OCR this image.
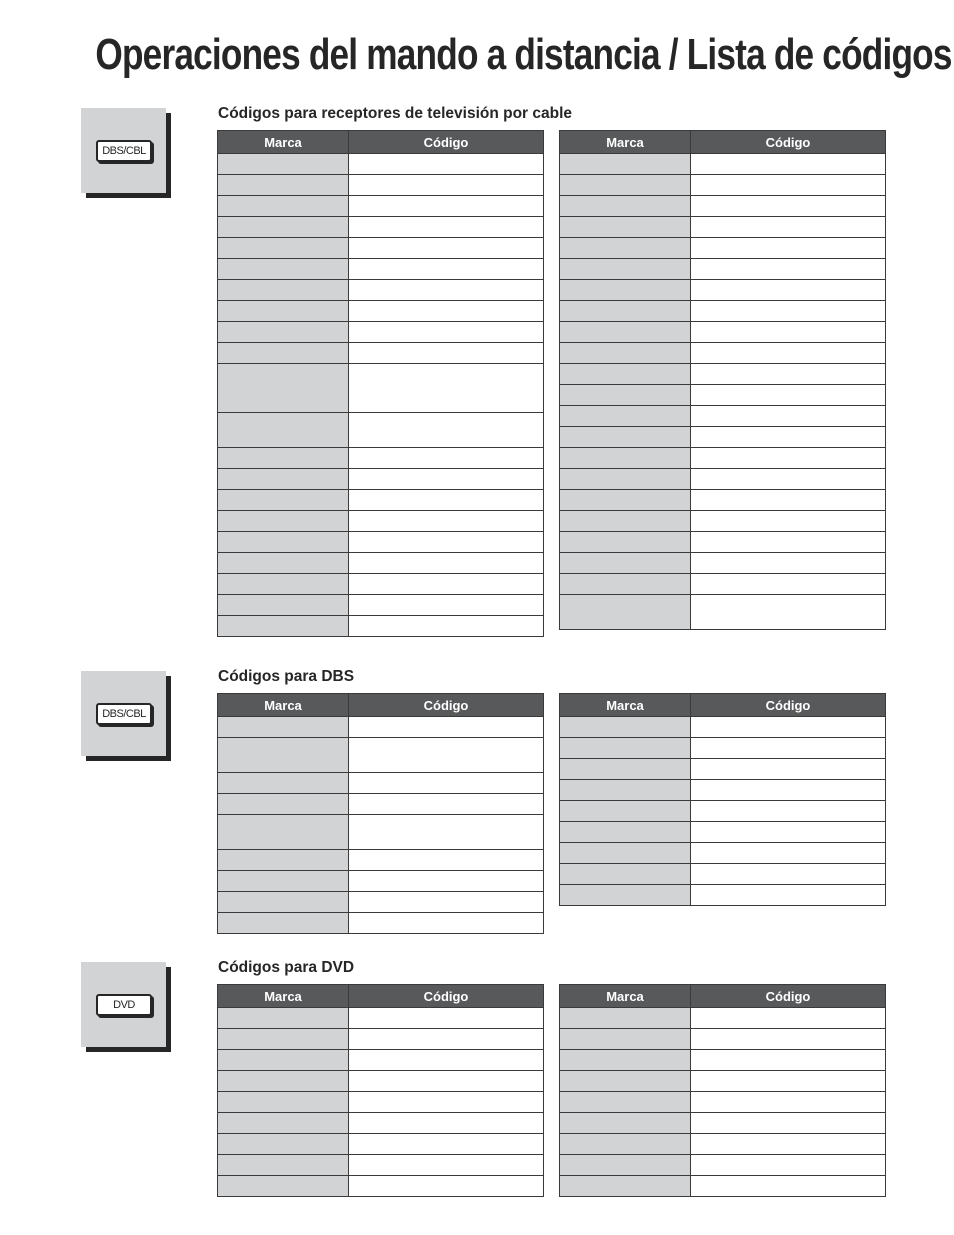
Operaciones del mando a distancia / Lista de códigos
DBS/CBL
Códigos para receptores de televisión por cable
Marca	Código

		Marca	Código

DBS/CBL
Códigos para DBS
Marca	Código

		Marca	Código

DVD
Códigos para DVD
Marca	Código

		Marca	Código
